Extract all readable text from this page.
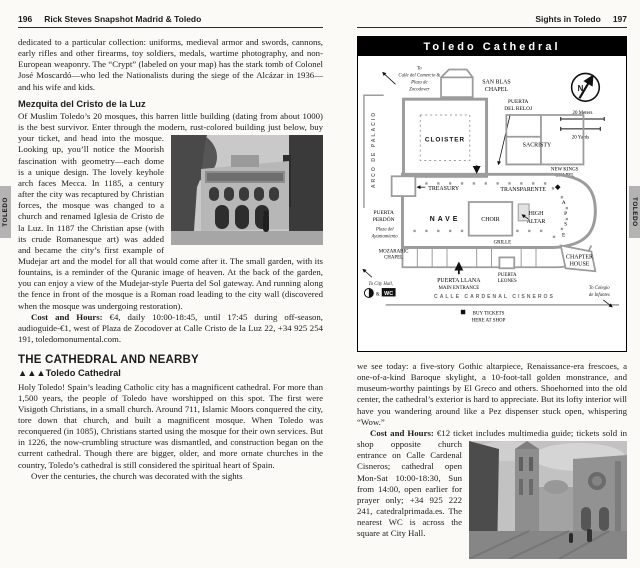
TOLEDO	TOLEDO
196 Rick Steves Snapshot Madrid & Toledo

dedicated to a particular collection: uniforms, medieval armor and swords, cannons, early rifles and other firearms, toy soldiers, medals, wartime photography, and non-European weaponry. The “Crypt” (labeled on your map) has the stark tomb of Colonel José Moscardó—who led the Nationalists during the siege of the Alcázar in 1936—and his wife and kids.

Mezquita del Cristo de la Luz

Of Muslim Toledo’s 20 mosques, this barren little building (dating from about 1000) is the best survivor. Enter through the modern, rust-colored building just below, buy your ticket, and head into the mosque. Looking up, you’ll notice the Moorish fascination with geometry—each dome is a unique design. The lovely keyhole arch faces Mecca. In 1185, a century after the city was recaptured by Christian forces, the mosque was changed to a church and renamed Iglesia de Cristo de la Luz. In 1187 the Christian apse (with its crude Romanesque art) was added and became the city’s first example of Mudejar art and the model for all that would come after it. The small garden, with its fountains, is a reminder of the Quranic image of heaven. At the back of the garden, you can enjoy a view of the Mudejar-style Puerta del Sol gateway. And running along the fence in front of the mosque is a Roman road leading to the city wall (discovered when the mosque was undergoing restoration).

Cost and Hours: €4, daily 10:00-18:45, until 17:45 during off-season, audioguide-€1, west of Plaza de Zocodover at Calle Cristo de la Luz 22, +34 925 254 191, toledomonumental.com.

THE CATHEDRAL AND NEARBY
▲▲▲Toledo Cathedral

Holy Toledo! Spain’s leading Catholic city has a magnificent cathedral. For more than 1,500 years, the people of Toledo have worshipped on this spot. The first were Visigoth Christians, in a small church. Around 711, Islamic Moors conquered the city, tore down that church, and built a magnificent mosque. When Toledo was reconquered (in 1085), Christians started using the mosque for their own services. But in 1226, the now-crumbling structure was dismantled, and construction began on the current cathedral. Though there are bigger, older, and more ornate churches in the country, Toledo’s cathedral is still considered the spiritual heart of Spain.

Over the centuries, the church was decorated with the sights

Sights in Toledo 197
Toledo Cathedral
ARCO DE PALACIO
To
Calle del Comercio &
Plaza de
Zocodover	N
20 Meters
20 Yards
CLOISTER
SAN BLAS
CHAPEL
PUERTA
DEL RELOJ
SACRISTY
NEW KINGS
CHAPEL
TREASURY	TRANSPARENTE
PUERTA
PERDÓN	NAVE	CHOIR
HIGH
ALTAR
A
P
S
E
GRILLE
Plaza del
Ayuntamiento
MOZARABIC
CHAPEL	CHAPTER
HOUSE
PUERTA LLANA
MAIN ENTRANCE
PUERTA
LEONES
To City Hall,
& WC	CALLE CARDENAL CISNEROS
To Colegio
de Infantes
BUY TICKETS
HERE AT SHOP

we see today: a five-story Gothic altarpiece, Renaissance-era frescoes, a one-of-a-kind Baroque skylight, a 10-foot-tall golden monstrance, and museum-worthy paintings by El Greco and others. Shoehorned into the old center, the cathedral’s exterior is hard to appreciate. But its lofty interior will have you wandering around like a Pez dispenser stuck open, whispering “Wow.”

Cost and Hours: €12 ticket includes multimedia guide; tickets sold in shop opposite church entrance on Calle Cardenal Cisneros; cathedral open Mon-Sat 10:00-18:30, Sun from 14:00, open earlier for prayer only; +34 925 222 241, catedralprimada.es. The nearest WC is across the square at City Hall.
